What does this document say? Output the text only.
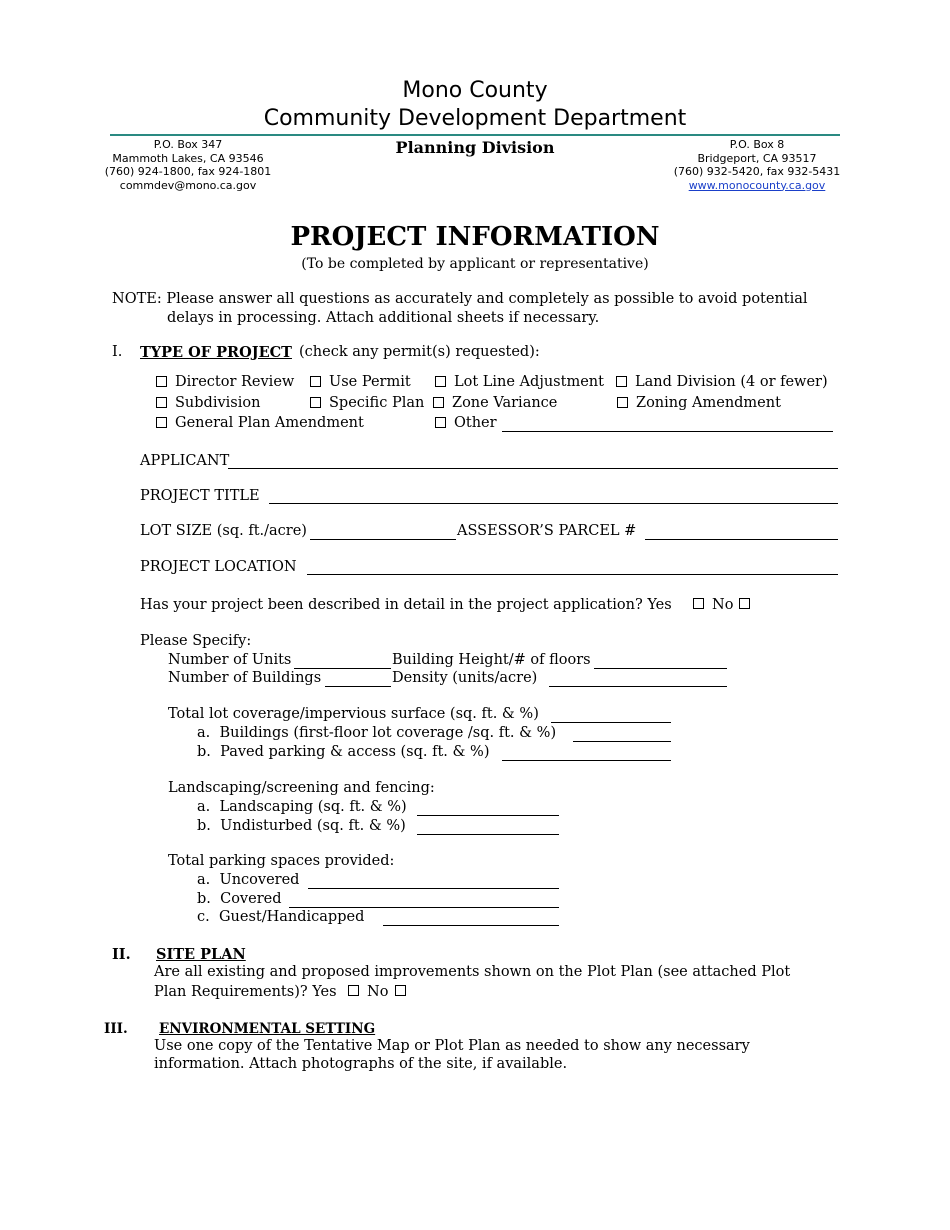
Mono County
Community Development Department
Planning Division
P.O. Box 347
Mammoth Lakes, CA 93546
(760) 924-1800, fax 924-1801
commdev@mono.ca.gov
P.O. Box 8
Bridgeport, CA 93517
(760) 932-5420, fax 932-5431
www.monocounty.ca.gov
PROJECT INFORMATION
(To be completed by applicant or representative)
NOTE: Please answer all questions as accurately and completely as possible to avoid potential
delays in processing. Attach additional sheets if necessary.
I. TYPE OF PROJECT (check any permit(s) requested):
Director Review Use Permit	Lot Line Adjustment Land Division (4 or fewer)
Subdivision	Specific Plan Zone Variance	Zoning Amendment
General Plan Amendment	Other
APPLICANT
PROJECT TITLE
LOT SIZE (sq. ft./acre)	ASSESSOR’S PARCEL #
PROJECT LOCATION
Has your project been described in detail in the project application? Yes	No
Please Specify:
Number of Units	Building Height/# of floors
Number of Buildings	Density (units/acre)
Total lot coverage/impervious surface (sq. ft. & %)
a.  Buildings (first-floor lot coverage /sq. ft. & %)
b.  Paved parking & access (sq. ft. & %)
Landscaping/screening and fencing:
a.  Landscaping (sq. ft. & %)
b.  Undisturbed (sq. ft. & %)
Total parking spaces provided:
a.  Uncovered
b.  Covered
c.  Guest/Handicapped
II. SITE PLAN
Are all existing and proposed improvements shown on the Plot Plan (see attached Plot
Plan Requirements)? Yes No
III. ENVIRONMENTAL SETTING
Use one copy of the Tentative Map or Plot Plan as needed to show any necessary
information. Attach photographs of the site, if available.
